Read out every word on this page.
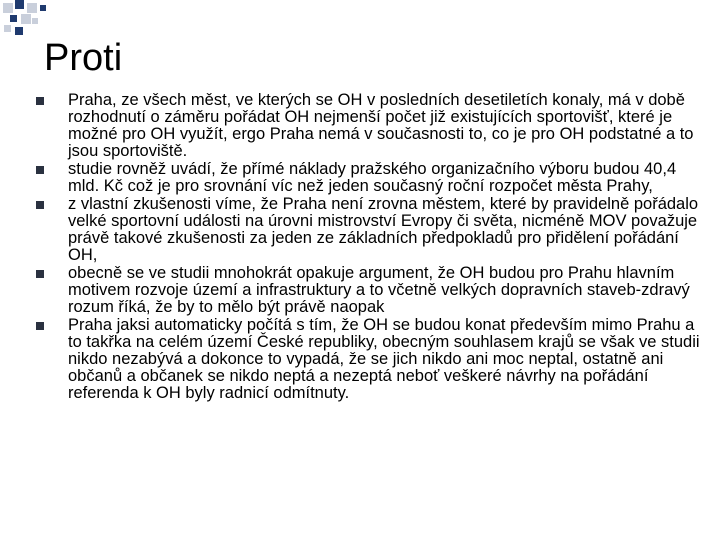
Proti
Praha, ze všech měst, ve kterých se OH v posledních desetiletích konaly, má v době rozhodnutí o záměru pořádat OH nejmenší počet již existujících sportovišť, které je možné pro OH využít, ergo Praha nemá v současnosti to, co je pro OH podstatné a to jsou sportoviště.
studie rovněž uvádí, že přímé náklady pražského organizačního výboru budou 40,4 mld. Kč což je pro srovnání víc než jeden současný roční rozpočet města Prahy,
z vlastní zkušenosti víme, že Praha není zrovna městem, které by pravidelně pořádalo velké sportovní události na úrovni mistrovství Evropy či světa, nicméně MOV považuje právě takové zkušenosti za jeden ze základních předpokladů pro přidělení pořádání OH,
obecně se ve studii mnohokrát opakuje argument, že OH budou pro Prahu hlavním motivem rozvoje území a infrastruktury a to včetně velkých dopravních staveb-zdravý rozum říká, že by to mělo být právě naopak
Praha jaksi automaticky počítá s tím, že OH se budou konat především mimo Prahu a to takřka na celém území České republiky, obecným souhlasem krajů se však ve studii nikdo nezabývá a dokonce to vypadá, že se jich nikdo ani moc neptal, ostatně ani občanů a občanek se nikdo neptá a nezeptá neboť veškeré návrhy na pořádání referenda k OH byly radnicí odmítnuty.
